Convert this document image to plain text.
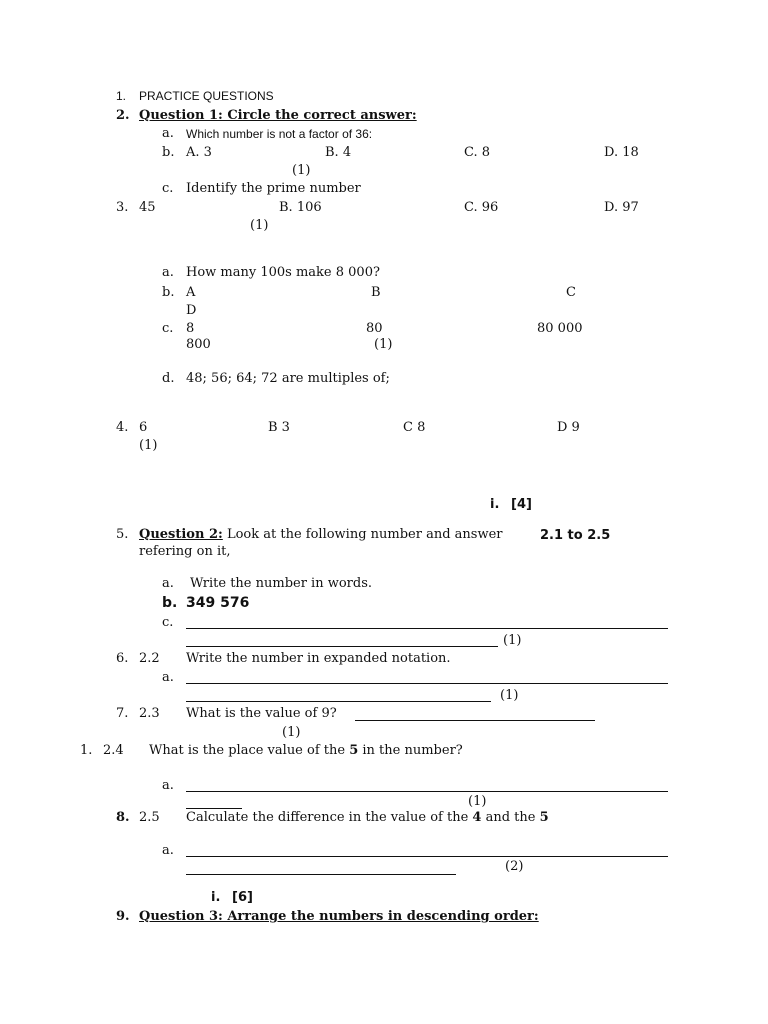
1. PRACTICE QUESTIONS
2. Question 1: Circle the correct answer:
a. Which number is not a factor of 36:
b. A. 3	B. 4	C. 8	D. 18
(1)
c. Identify the prime number
3. 45	B. 106	C. 96	D. 97
(1)
a. How many 100s make 8 000?
b. A	B	C
D
c. 8	80	80 000
800	(1)
d. 48; 56; 64; 72 are multiples of;
4. 6	B 3	C 8	D 9
(1)
i. [4]
5. Question 2: Look at the following number and answer	2.1 to 2.5
refering on it,
a. Write the number in words.
b. 349 576
c.
(1)
6. 2.2 Write the number in expanded notation.
a.
(1)
7. 2.3 What is the value of 9?
(1)
1. 2.4 What is the place value of the 5 in the number?
a.
(1)
8. 2.5 Calculate the difference in the value of the 4 and the 5
a.
(2)
i. [6]
9. Question 3: Arrange the numbers in descending order:
